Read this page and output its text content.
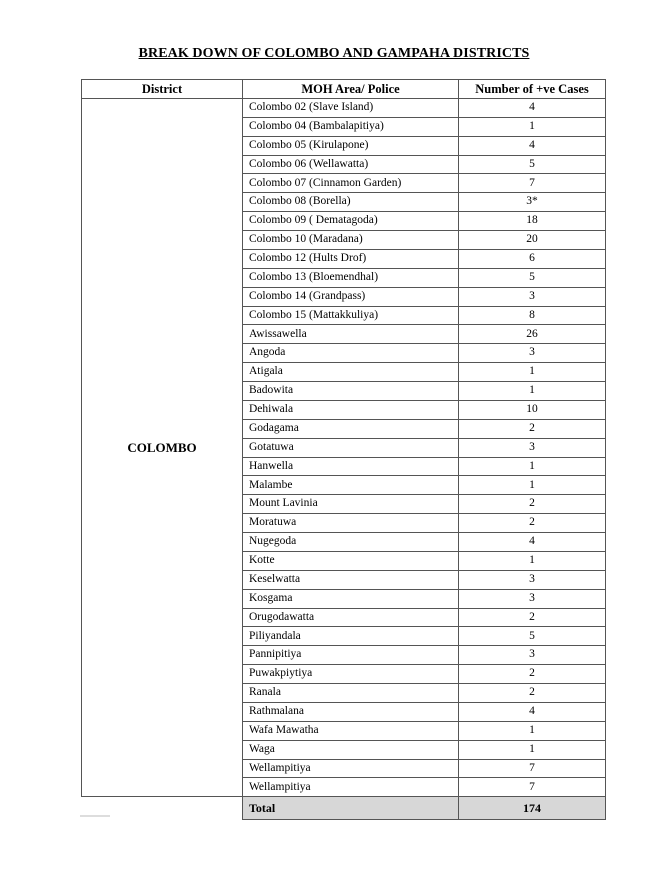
BREAK DOWN OF COLOMBO AND GAMPAHA DISTRICTS
District	MOH Area/ Police	Number of +ve Cases
COLOMBO	Colombo 02 (Slave Island)	4
	Colombo 04 (Bambalapitiya)	1
	Colombo 05 (Kirulapone)	4
	Colombo 06 (Wellawatta)	5
	Colombo 07 (Cinnamon Garden)	7
	Colombo 08 (Borella)	3*
	Colombo 09 ( Dematagoda)	18
	Colombo 10 (Maradana)	20
	Colombo 12 (Hults Drof)	6
	Colombo 13 (Bloemendhal)	5
	Colombo 14 (Grandpass)	3
	Colombo 15 (Mattakkuliya)	8
	Awissawella	26
	Angoda	3
	Atigala	1
	Badowita	1
	Dehiwala	10
	Godagama	2
	Gotatuwa	3
	Hanwella	1
	Malambe	1
	Mount Lavinia	2
	Moratuwa	2
	Nugegoda	4
	Kotte	1
	Keselwatta	3
	Kosgama	3
	Orugodawatta	2
	Piliyandala	5
	Pannipitiya	3
	Puwakpiytiya	2
	Ranala	2
	Rathmalana	4
	Wafa Mawatha	1
	Waga	1
	Wellampitiya	7
	Wellampitiya	7
	Total	174
